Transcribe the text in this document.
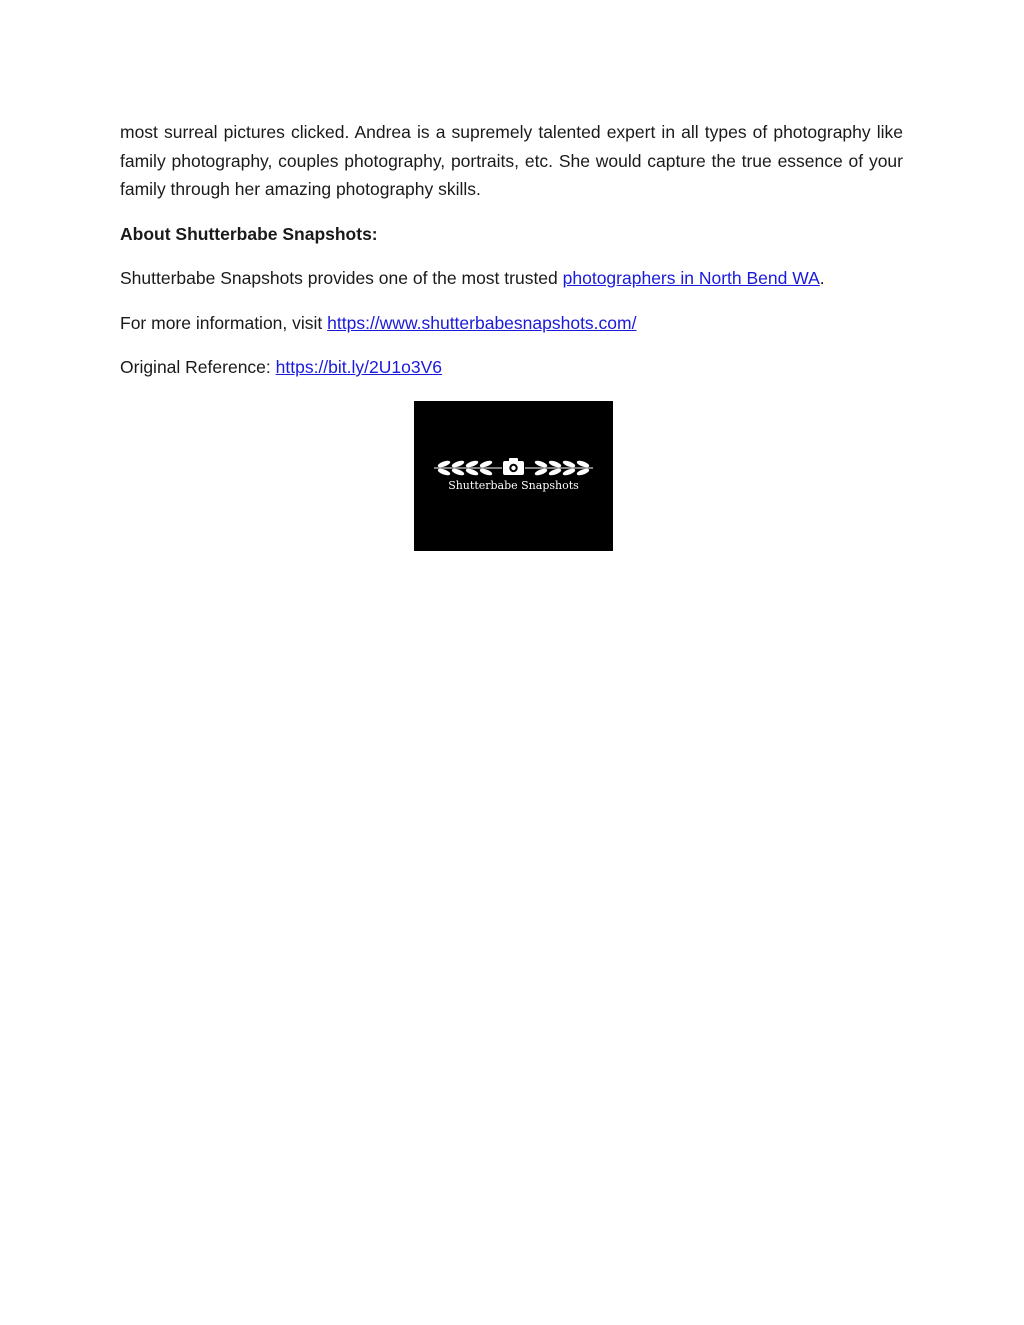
most surreal pictures clicked. Andrea is a supremely talented expert in all types of photography like family photography, couples photography, portraits, etc. She would capture the true essence of your family through her amazing photography skills.

About Shutterbabe Snapshots:

Shutterbabe Snapshots provides one of the most trusted photographers in North Bend WA.

For more information, visit https://www.shutterbabesnapshots.com/

Original Reference: https://bit.ly/2U1o3V6

Shutterbabe Snapshots
